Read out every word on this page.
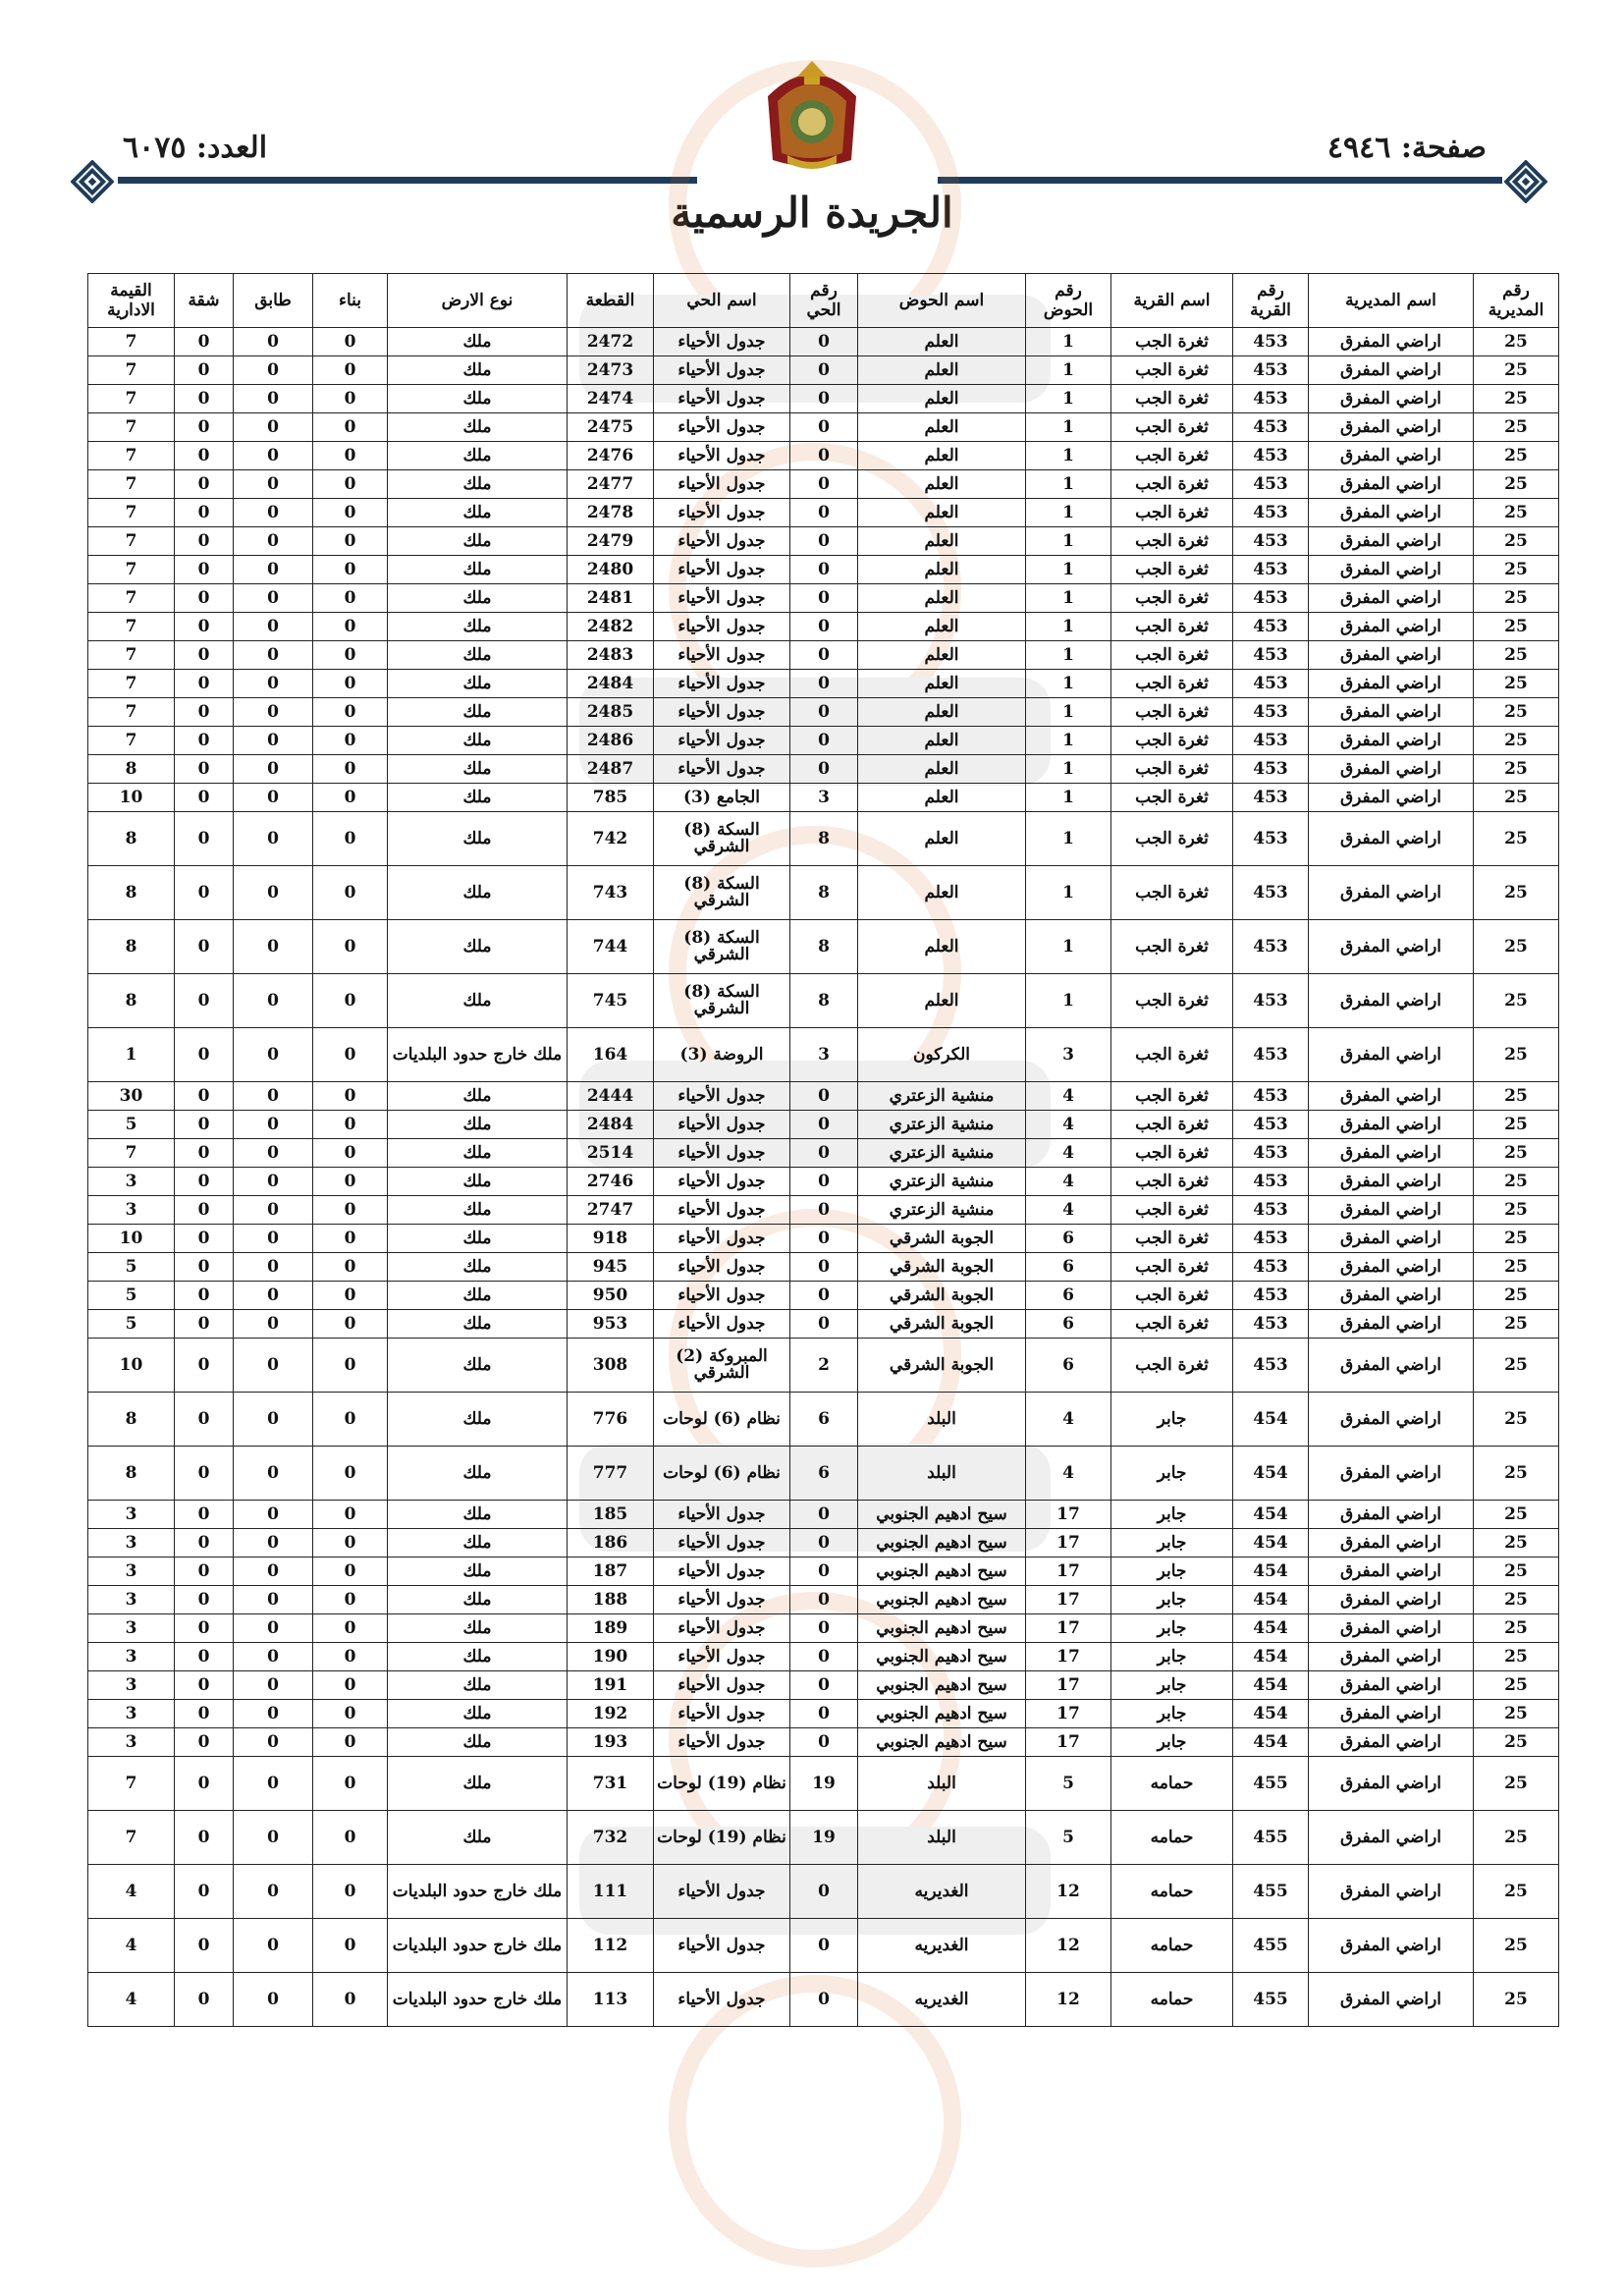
صفحة: ٤٩٤٦
العدد: ٦٠٧٥
الجريدة الرسمية
رقم المديرية	اسم المديرية	رقم القرية	اسم القرية	رقم الحوض	اسم الحوض	رقم الحي	اسم الحي	القطعة	نوع الارض	بناء	طابق	شقة	القيمة الادارية
25	اراضي المفرق	453	ثغرة الجب	1	العلم	0	جدول الأحياء	2472	ملك	0	0	0	7
25	اراضي المفرق	453	ثغرة الجب	1	العلم	0	جدول الأحياء	2473	ملك	0	0	0	7
25	اراضي المفرق	453	ثغرة الجب	1	العلم	0	جدول الأحياء	2474	ملك	0	0	0	7
25	اراضي المفرق	453	ثغرة الجب	1	العلم	0	جدول الأحياء	2475	ملك	0	0	0	7
25	اراضي المفرق	453	ثغرة الجب	1	العلم	0	جدول الأحياء	2476	ملك	0	0	0	7
25	اراضي المفرق	453	ثغرة الجب	1	العلم	0	جدول الأحياء	2477	ملك	0	0	0	7
25	اراضي المفرق	453	ثغرة الجب	1	العلم	0	جدول الأحياء	2478	ملك	0	0	0	7
25	اراضي المفرق	453	ثغرة الجب	1	العلم	0	جدول الأحياء	2479	ملك	0	0	0	7
25	اراضي المفرق	453	ثغرة الجب	1	العلم	0	جدول الأحياء	2480	ملك	0	0	0	7
25	اراضي المفرق	453	ثغرة الجب	1	العلم	0	جدول الأحياء	2481	ملك	0	0	0	7
25	اراضي المفرق	453	ثغرة الجب	1	العلم	0	جدول الأحياء	2482	ملك	0	0	0	7
25	اراضي المفرق	453	ثغرة الجب	1	العلم	0	جدول الأحياء	2483	ملك	0	0	0	7
25	اراضي المفرق	453	ثغرة الجب	1	العلم	0	جدول الأحياء	2484	ملك	0	0	0	7
25	اراضي المفرق	453	ثغرة الجب	1	العلم	0	جدول الأحياء	2485	ملك	0	0	0	7
25	اراضي المفرق	453	ثغرة الجب	1	العلم	0	جدول الأحياء	2486	ملك	0	0	0	7
25	اراضي المفرق	453	ثغرة الجب	1	العلم	0	جدول الأحياء	2487	ملك	0	0	0	8
25	اراضي المفرق	453	ثغرة الجب	1	العلم	3	الجامع (3)	785	ملك	0	0	0	10
25	اراضي المفرق	453	ثغرة الجب	1	العلم	8	السكة (8) الشرقي	742	ملك	0	0	0	8
25	اراضي المفرق	453	ثغرة الجب	1	العلم	8	السكة (8) الشرقي	743	ملك	0	0	0	8
25	اراضي المفرق	453	ثغرة الجب	1	العلم	8	السكة (8) الشرقي	744	ملك	0	0	0	8
25	اراضي المفرق	453	ثغرة الجب	1	العلم	8	السكة (8) الشرقي	745	ملك	0	0	0	8
25	اراضي المفرق	453	ثغرة الجب	3	الكركون	3	الروضة (3)	164	ملك خارج حدود البلديات	0	0	0	1
25	اراضي المفرق	453	ثغرة الجب	4	منشية الزعتري	0	جدول الأحياء	2444	ملك	0	0	0	30
25	اراضي المفرق	453	ثغرة الجب	4	منشية الزعتري	0	جدول الأحياء	2484	ملك	0	0	0	5
25	اراضي المفرق	453	ثغرة الجب	4	منشية الزعتري	0	جدول الأحياء	2514	ملك	0	0	0	7
25	اراضي المفرق	453	ثغرة الجب	4	منشية الزعتري	0	جدول الأحياء	2746	ملك	0	0	0	3
25	اراضي المفرق	453	ثغرة الجب	4	منشية الزعتري	0	جدول الأحياء	2747	ملك	0	0	0	3
25	اراضي المفرق	453	ثغرة الجب	6	الجوبة الشرقي	0	جدول الأحياء	918	ملك	0	0	0	10
25	اراضي المفرق	453	ثغرة الجب	6	الجوبة الشرقي	0	جدول الأحياء	945	ملك	0	0	0	5
25	اراضي المفرق	453	ثغرة الجب	6	الجوبة الشرقي	0	جدول الأحياء	950	ملك	0	0	0	5
25	اراضي المفرق	453	ثغرة الجب	6	الجوبة الشرقي	0	جدول الأحياء	953	ملك	0	0	0	5
25	اراضي المفرق	453	ثغرة الجب	6	الجوبة الشرقي	2	المبروكة (2) الشرقي	308	ملك	0	0	0	10
25	اراضي المفرق	454	جابر	4	البلد	6	نظام (6) لوحات	776	ملك	0	0	0	8
25	اراضي المفرق	454	جابر	4	البلد	6	نظام (6) لوحات	777	ملك	0	0	0	8
25	اراضي المفرق	454	جابر	17	سيح ادهيم الجنوبي	0	جدول الأحياء	185	ملك	0	0	0	3
25	اراضي المفرق	454	جابر	17	سيح ادهيم الجنوبي	0	جدول الأحياء	186	ملك	0	0	0	3
25	اراضي المفرق	454	جابر	17	سيح ادهيم الجنوبي	0	جدول الأحياء	187	ملك	0	0	0	3
25	اراضي المفرق	454	جابر	17	سيح ادهيم الجنوبي	0	جدول الأحياء	188	ملك	0	0	0	3
25	اراضي المفرق	454	جابر	17	سيح ادهيم الجنوبي	0	جدول الأحياء	189	ملك	0	0	0	3
25	اراضي المفرق	454	جابر	17	سيح ادهيم الجنوبي	0	جدول الأحياء	190	ملك	0	0	0	3
25	اراضي المفرق	454	جابر	17	سيح ادهيم الجنوبي	0	جدول الأحياء	191	ملك	0	0	0	3
25	اراضي المفرق	454	جابر	17	سيح ادهيم الجنوبي	0	جدول الأحياء	192	ملك	0	0	0	3
25	اراضي المفرق	454	جابر	17	سيح ادهيم الجنوبي	0	جدول الأحياء	193	ملك	0	0	0	3
25	اراضي المفرق	455	حمامه	5	البلد	19	نظام (19) لوحات	731	ملك	0	0	0	7
25	اراضي المفرق	455	حمامه	5	البلد	19	نظام (19) لوحات	732	ملك	0	0	0	7
25	اراضي المفرق	455	حمامه	12	الغديريه	0	جدول الأحياء	111	ملك خارج حدود البلديات	0	0	0	4
25	اراضي المفرق	455	حمامه	12	الغديريه	0	جدول الأحياء	112	ملك خارج حدود البلديات	0	0	0	4
25	اراضي المفرق	455	حمامه	12	الغديريه	0	جدول الأحياء	113	ملك خارج حدود البلديات	0	0	0	4
